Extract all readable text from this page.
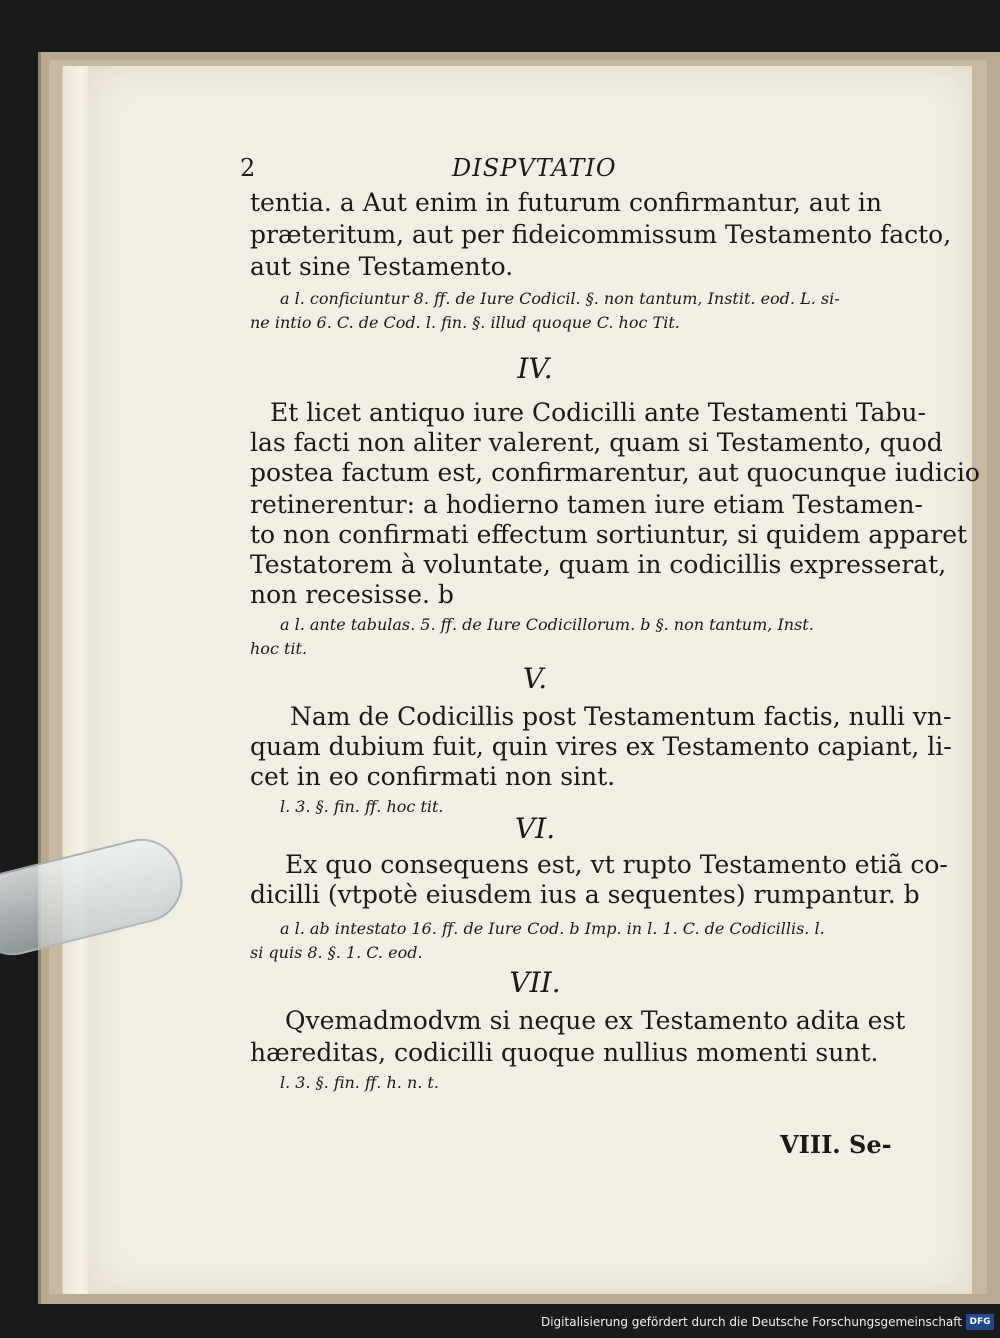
2	DISPVTATIO
tentia. a Aut enim in futurum confirmantur, aut in
præteritum, aut per fideicommissum Testamento facto,
aut sine Testamento.
a l. conficiuntur 8. ff. de Iure Codicil. §. non tantum, Instit. eod. L. si-
ne intio 6. C. de Cod. l. fin. §. illud quoque C. hoc Tit.
IV.
Et licet antiquo iure Codicilli ante Testamenti Tabu-
las facti non aliter valerent, quam si Testamento, quod
postea factum est, confirmarentur, aut quocunque iudicio
retinerentur: a hodierno tamen iure etiam Testamen-
to non confirmati effectum sortiuntur, si quidem apparet
Testatorem à voluntate, quam in codicillis expresserat,
non recesisse. b
a l. ante tabulas. 5. ff. de Iure Codicillorum. b §. non tantum, Inst.
hoc tit.
V.
Nam de Codicillis post Testamentum factis, nulli vn-
quam dubium fuit, quin vires ex Testamento capiant, li-
cet in eo confirmati non sint.
l. 3. §. fin. ff. hoc tit.
VI.
Ex quo consequens est, vt rupto Testamento etiã co-
dicilli (vtpotè eiusdem ius a sequentes) rumpantur. b
a l. ab intestato 16. ff. de Iure Cod. b Imp. in l. 1. C. de Codicillis. l.
si quis 8. §. 1. C. eod.
VII.
Qvemadmodvm si neque ex Testamento adita est
hæreditas, codicilli quoque nullius momenti sunt.
l. 3. §. fin. ff. h. n. t.
VIII. Se-
Digitalisierung gefördert durch die Deutsche Forschungsgemeinschaft DFG
